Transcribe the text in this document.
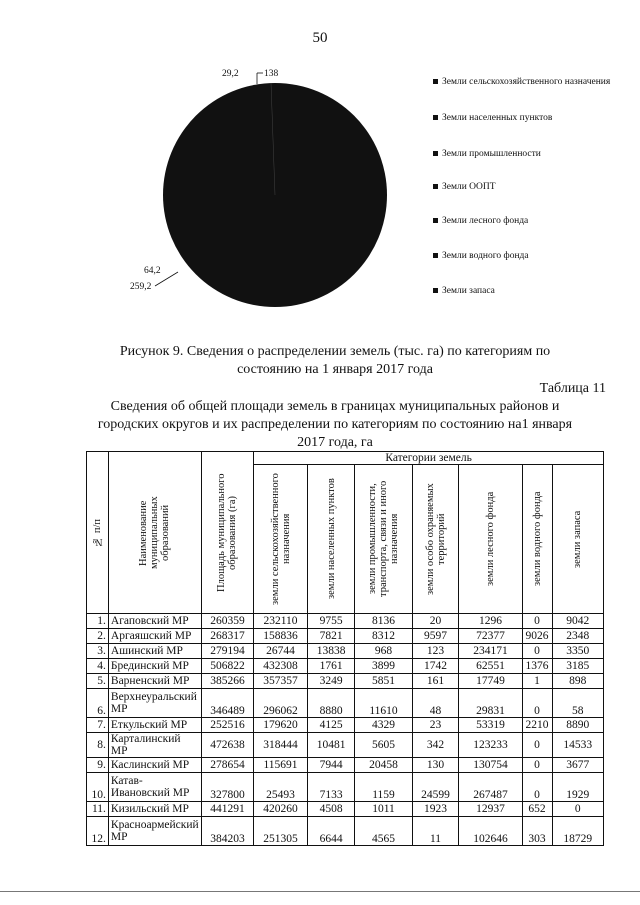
50
138
29,2
64,2
259,2
Земли сельскохозяйственного назначения
Земли населенных пунктов
Земли промышленности
Земли ООПТ
Земли лесного фонда
Земли водного фонда
Земли запаса
Рисунок 9. Сведения о распределении земель (тыс. га) по категориям по состоянию на 1 января 2017 года
Таблица 11
Сведения об общей площади земель в границах муниципальных районов и городских округов и их распределении по категориям по состоянию на1 января 2017 года, га
№ п/п	Наименование муниципальных образований	Площадь муниципального образования (га)	Категории земель						

			земли сельскохозяйственного назначения	земли населенных пунктов	земли промышленности, транспорта, связи и иного назначения	земли особо охраняемых территорий	земли лесного фонда	земли водного фонда	земли запаса

1.	Агаповский МР	260359	232110	9755	8136	20	1296	0	9042
2.	Аргаяшский МР	268317	158836	7821	8312	9597	72377	9026	2348
3.	Ашинский МР	279194	26744	13838	968	123	234171	0	3350
4.	Брединский МР	506822	432308	1761	3899	1742	62551	1376	3185
5.	Варненский МР	385266	357357	3249	5851	161	17749	1	898
6.	Верхнеуральский МР	346489	296062	8880	11610	48	29831	0	58
7.	Еткульский МР	252516	179620	4125	4329	23	53319	2210	8890
8.	Карталинский МР	472638	318444	10481	5605	342	123233	0	14533
9.	Каслинский МР	278654	115691	7944	20458	130	130754	0	3677
10.	Катав-Ивановский МР	327800	25493	7133	1159	24599	267487	0	1929
11.	Кизильский МР	441291	420260	4508	1011	1923	12937	652	0
12.	Красноармейский МР	384203	251305	6644	4565	11	102646	303	18729
